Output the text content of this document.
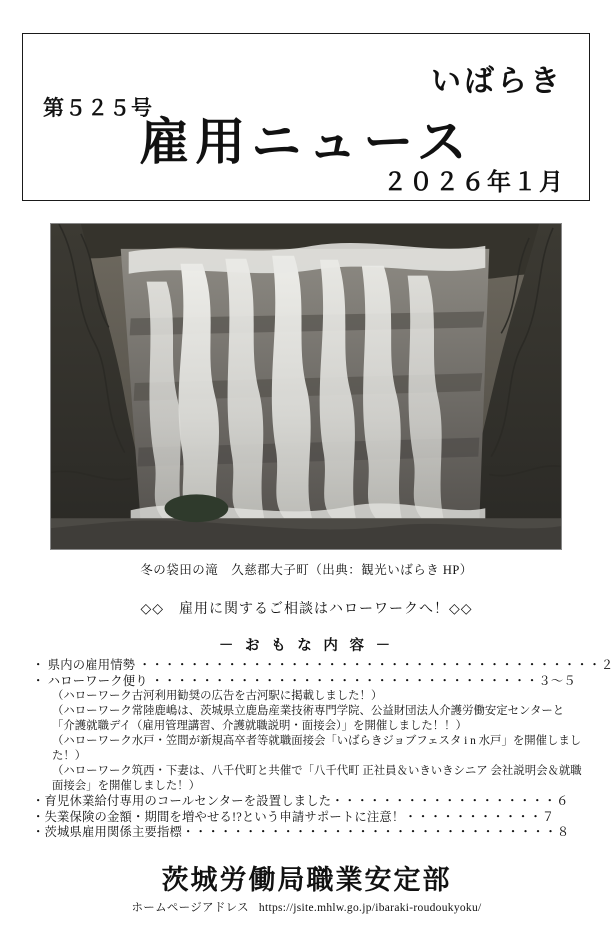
第５２５号
いばらき
雇用ニュース
２０２６年１月
冬の袋田の滝　久慈郡大子町（出典：観光いばらき HP）
◇◇　雇用に関するご相談はハローワークへ！◇◇
－ お も な 内 容 －
・ 県内の雇用情勢 ・・・・・・・・・・・・・・・・・・・・・・・・・・・・・・・・・・・・・２
・ ハローワーク便り ・・・・・・・・・・・・・・・・・・・・・・・・・・・・・・・３〜５
（ハローワーク古河利用勧奨の広告を古河駅に掲載しました！）
（ハローワーク常陸鹿嶋は、茨城県立鹿島産業技術専門学院、公益財団法人介護労働安定センターと「介護就職デイ（雇用管理講習、介護就職説明・面接会）」を開催しました！！）
（ハローワーク水戸・笠間が新規高卒者等就職面接会「いばらきジョブフェスタ i n 水戸」を開催しました！）
（ハローワーク筑西・下妻は、八千代町と共催で「八千代町 正社員＆いきいきシニア 会社説明会＆就職面接会」を開催しました！）
・育児休業給付専用のコールセンターを設置しました・・・・・・・・・・・・・・・・・・６
・失業保険の金額・期間を増やせる!?という申請サポートに注意！・・・・・・・・・・・７
・茨城県雇用関係主要指標・・・・・・・・・・・・・・・・・・・・・・・・・・・・・・８
茨城労働局職業安定部
ホームページアドレス https://jsite.mhlw.go.jp/ibaraki-roudoukyoku/
